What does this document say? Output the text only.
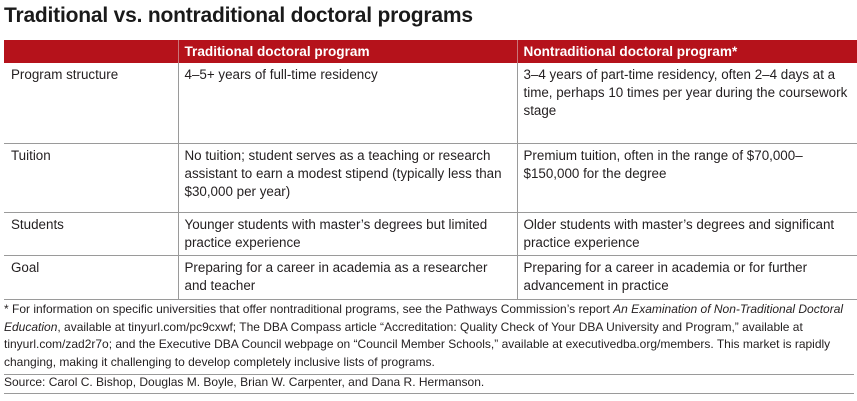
Traditional vs. nontraditional doctoral programs
	Traditional doctoral program	Nontraditional doctoral program*
Program structure	4–5+ years of full-time residency	3–4 years of part-time residency, often 2–4 days at a time, perhaps 10 times per year during the coursework stage
Tuition	No tuition; student serves as a teaching or research assistant to earn a modest stipend (typically less than $30,000 per year)	Premium tuition, often in the range of $70,000–$150,000 for the degree
Students	Younger students with master’s degrees but limited practice experience	Older students with master’s degrees and significant practice experience
Goal	Preparing for a career in academia as a researcher and teacher	Preparing for a career in academia or for further advancement in practice
* For information on specific universities that offer nontraditional programs, see the Pathways Commission’s report An Examination of Non-Traditional Doctoral Education, available at tinyurl.com/pc9cxwf; The DBA Compass article “Accreditation: Quality Check of Your DBA University and Program,” available at tinyurl.com/zad2r7o; and the Executive DBA Council webpage on “Council Member Schools,” available at executivedba.org/members. This market is rapidly changing, making it challenging to develop completely inclusive lists of programs.
Source: Carol C. Bishop, Douglas M. Boyle, Brian W. Carpenter, and Dana R. Hermanson.
